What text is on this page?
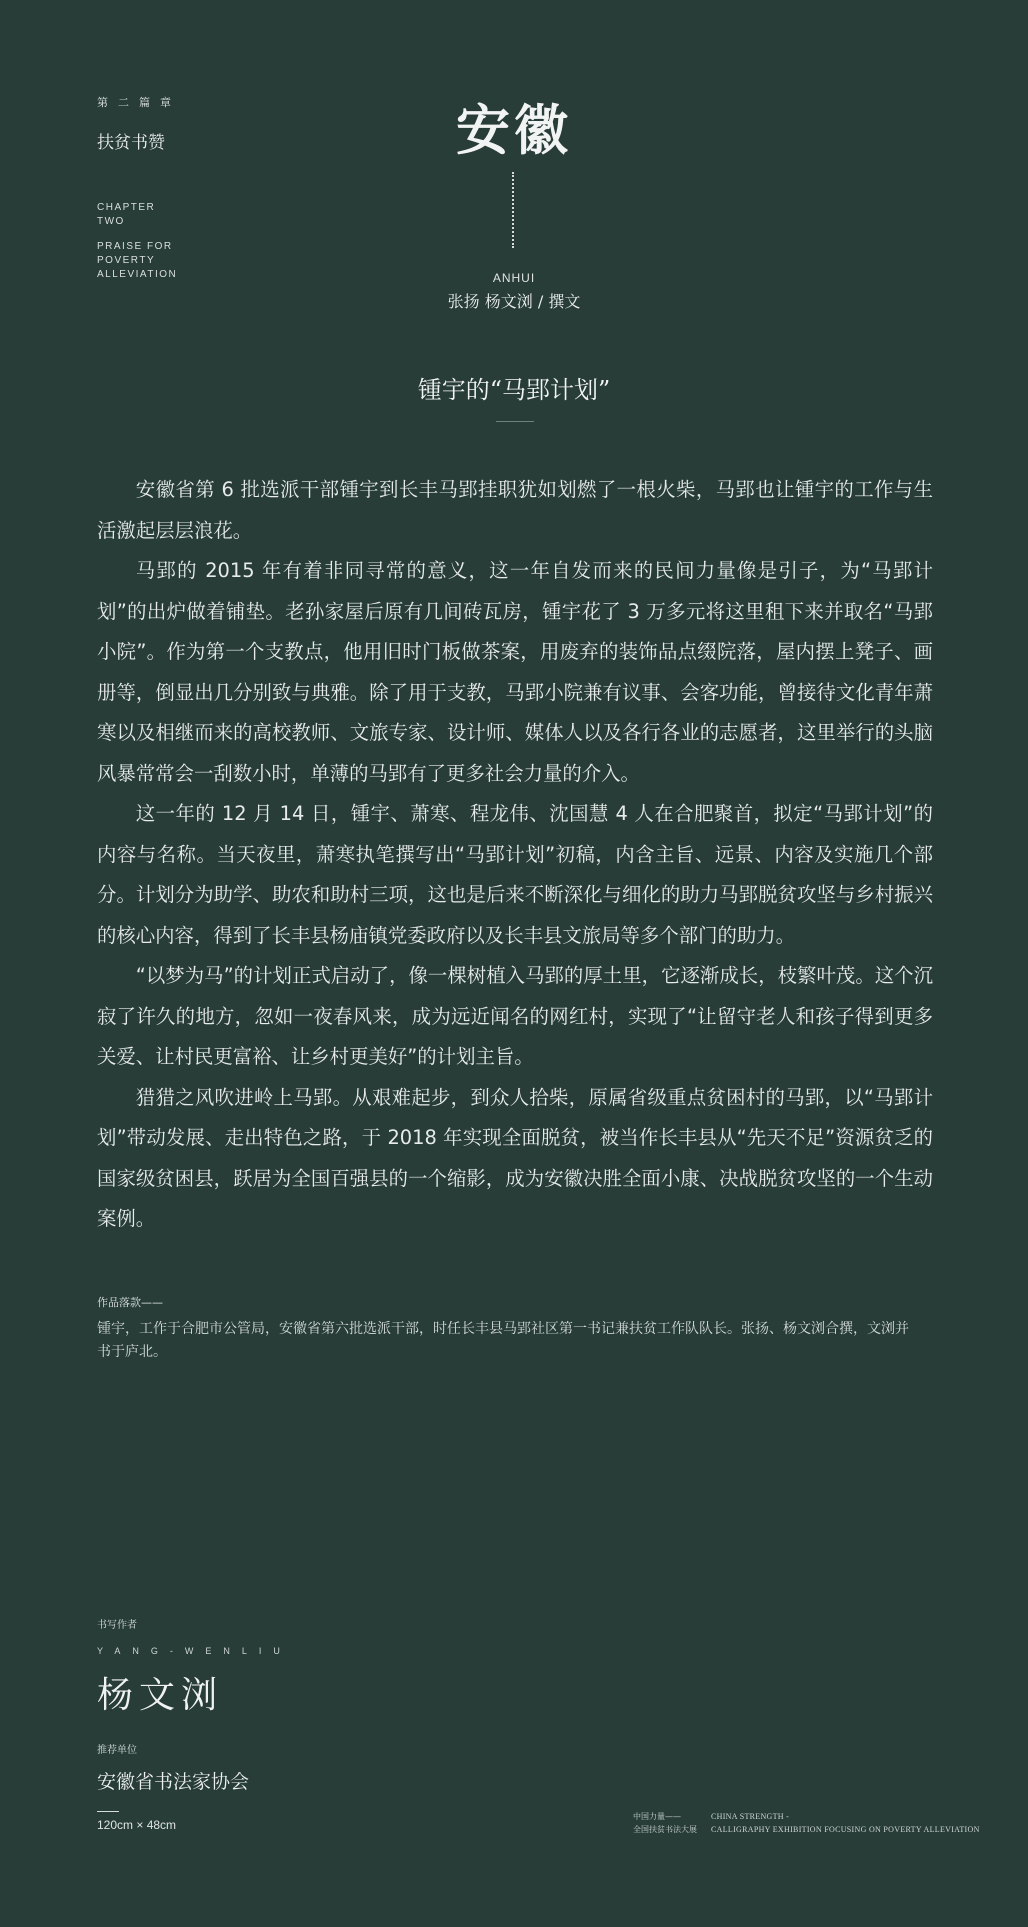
第二篇章
扶贫书赞
CHAPTER
TWO
PRAISE FOR
POVERTY
ALLEVIATION
安徽
ANHUI
张扬 杨文浏 / 撰文
锺宇的“马郢计划”

安徽省第 6 批选派干部锺宇到长丰马郢挂职犹如划燃了一根火柴，马郢也让锺宇的工作与生活激起层层浪花。

马郢的 2015 年有着非同寻常的意义，这一年自发而来的民间力量像是引子，为“马郢计划”的出炉做着铺垫。老孙家屋后原有几间砖瓦房，锺宇花了 3 万多元将这里租下来并取名“马郢小院”。作为第一个支教点，他用旧时门板做茶案，用废弃的装饰品点缀院落，屋内摆上凳子、画册等，倒显出几分别致与典雅。除了用于支教，马郢小院兼有议事、会客功能，曾接待文化青年萧寒以及相继而来的高校教师、文旅专家、设计师、媒体人以及各行各业的志愿者，这里举行的头脑风暴常常会一刮数小时，单薄的马郢有了更多社会力量的介入。

这一年的 12 月 14 日，锺宇、萧寒、程龙伟、沈国慧 4 人在合肥聚首，拟定“马郢计划”的内容与名称。当天夜里，萧寒执笔撰写出“马郢计划”初稿，内含主旨、远景、内容及实施几个部分。计划分为助学、助农和助村三项，这也是后来不断深化与细化的助力马郢脱贫攻坚与乡村振兴的核心内容，得到了长丰县杨庙镇党委政府以及长丰县文旅局等多个部门的助力。

“以梦为马”的计划正式启动了，像一棵树植入马郢的厚土里，它逐渐成长，枝繁叶茂。这个沉寂了许久的地方，忽如一夜春风来，成为远近闻名的网红村，实现了“让留守老人和孩子得到更多关爱、让村民更富裕、让乡村更美好”的计划主旨。

猎猎之风吹进岭上马郢。从艰难起步，到众人拾柴，原属省级重点贫困村的马郢，以“马郢计划”带动发展、走出特色之路，于 2018 年实现全面脱贫，被当作长丰县从“先天不足”资源贫乏的国家级贫困县，跃居为全国百强县的一个缩影，成为安徽决胜全面小康、决战脱贫攻坚的一个生动案例。

作品落款——
锺宇，工作于合肥市公管局，安徽省第六批选派干部，时任长丰县马郢社区第一书记兼扶贫工作队队长。张扬、杨文浏合撰，文浏并书于庐北。
书写作者
YANG-WENLIU
杨文浏
推荐单位
安徽省书法家协会
120cm × 48cm
中国力量——
全国扶贫书法大展
CHINA STRENGTH -
CALLIGRAPHY EXHIBITION FOCUSING ON POVERTY ALLEVIATION
